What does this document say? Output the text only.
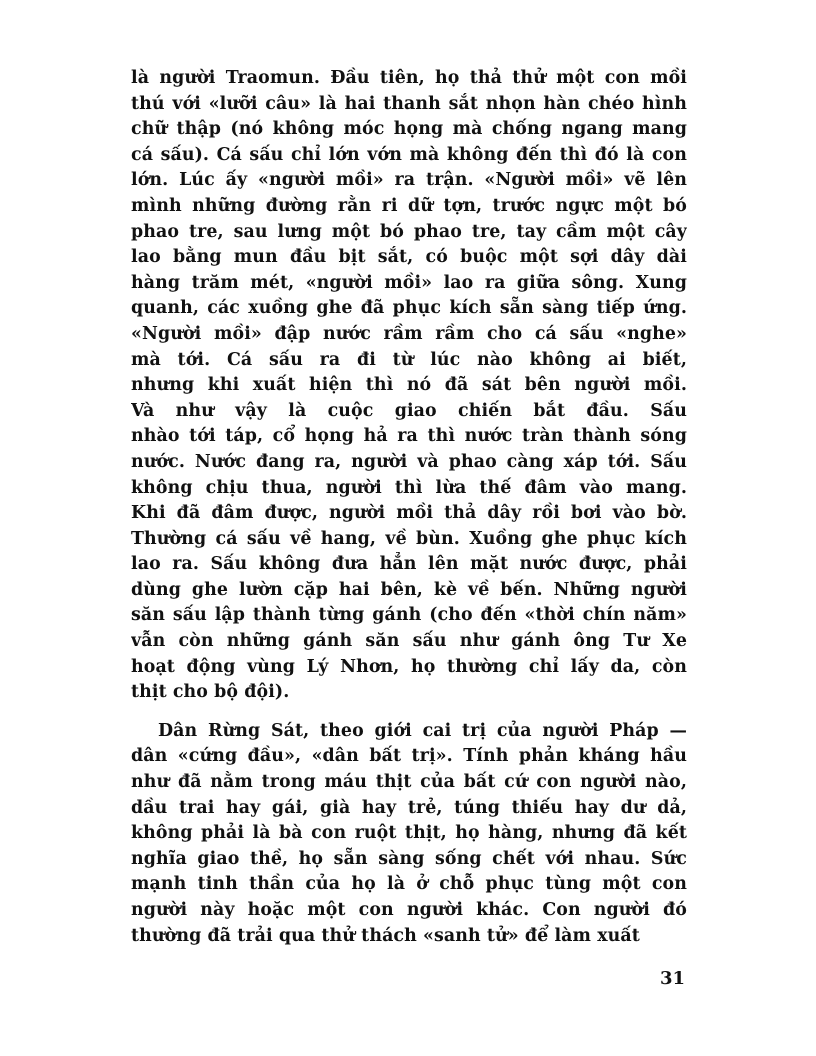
là người Traomun. Đầu tiên, họ thả thử một con mồi
thú với «lưỡi câu» là hai thanh sắt nhọn hàn chéo hình
chữ thập (nó không móc họng mà chống ngang mang
cá sấu). Cá sấu chỉ lớn vớn mà không đến thì đó là con
lớn. Lúc ấy «người mồi» ra trận. «Người mồi» vẽ lên
mình những đường rằn ri dữ tợn, trước ngực một bó
phao tre, sau lưng một bó phao tre, tay cầm một cây
lao bằng mun đầu bịt sắt, có buộc một sợi dây dài
hàng trăm mét, «người mồi» lao ra giữa sông. Xung
quanh, các xuồng ghe đã phục kích sẵn sàng tiếp ứng.
«Người mồi» đập nước rầm rầm cho cá sấu «nghe»
mà tới. Cá sấu ra đi từ lúc nào không ai biết,
nhưng khi xuất hiện thì nó đã sát bên người mồi.
Và như vậy là cuộc giao chiến bắt đầu. Sấu
nhào tới táp, cổ họng hả ra thì nước tràn thành sóng
nước. Nước đang ra, người và phao càng xáp tới. Sấu
không chịu thua, người thì lừa thế đâm vào mang.
Khi đã đâm được, người mồi thả dây rồi bơi vào bờ.
Thường cá sấu về hang, về bùn. Xuồng ghe phục kích
lao ra. Sấu không đưa hẳn lên mặt nước được, phải
dùng ghe lườn cặp hai bên, kè về bến. Những người
săn sấu lập thành từng gánh (cho đến «thời chín năm»
vẫn còn những gánh săn sấu như gánh ông Tư Xe
hoạt động vùng Lý Nhơn, họ thường chỉ lấy da, còn
thịt cho bộ đội).
Dân Rừng Sát, theo giới cai trị của người Pháp —
dân «cứng đầu», «dân bất trị». Tính phản kháng hầu
như đã nằm trong máu thịt của bất cứ con người nào,
dầu trai hay gái, già hay trẻ, túng thiếu hay dư dả,
không phải là bà con ruột thịt, họ hàng, nhưng đã kết
nghĩa giao thề, họ sẵn sàng sống chết với nhau. Sức
mạnh tinh thần của họ là ở chỗ phục tùng một con
người này hoặc một con người khác. Con người đó
thường đã trải qua thử thách «sanh tử» để làm xuất
31
